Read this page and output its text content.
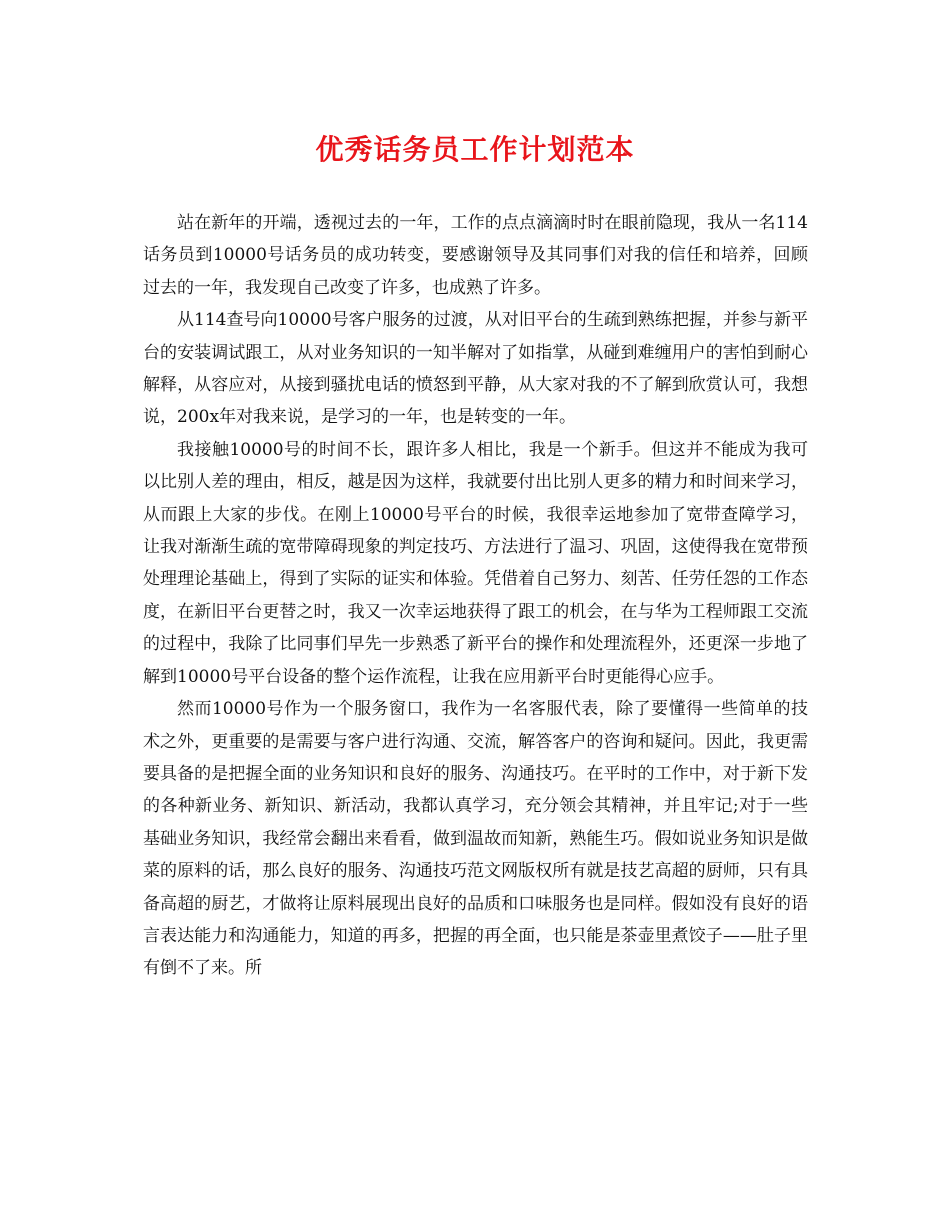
优秀话务员工作计划范本

站在新年的开端，透视过去的一年，工作的点点滴滴时时在眼前隐现，我从一名114话务员到10000号话务员的成功转变，要感谢领导及其同事们对我的信任和培养，回顾过去的一年，我发现自己改变了许多，也成熟了许多。

从114查号向10000号客户服务的过渡，从对旧平台的生疏到熟练把握，并参与新平台的安装调试跟工，从对业务知识的一知半解对了如指掌，从碰到难缠用户的害怕到耐心解释，从容应对，从接到骚扰电话的愤怒到平静，从大家对我的不了解到欣赏认可，我想说，200x年对我来说，是学习的一年，也是转变的一年。

我接触10000号的时间不长，跟许多人相比，我是一个新手。但这并不能成为我可以比别人差的理由，相反，越是因为这样，我就要付出比别人更多的精力和时间来学习，从而跟上大家的步伐。在刚上10000号平台的时候，我很幸运地参加了宽带查障学习，让我对渐渐生疏的宽带障碍现象的判定技巧、方法进行了温习、巩固，这使得我在宽带预处理理论基础上，得到了实际的证实和体验。凭借着自己努力、刻苦、任劳任怨的工作态度，在新旧平台更替之时，我又一次幸运地获得了跟工的机会，在与华为工程师跟工交流的过程中，我除了比同事们早先一步熟悉了新平台的操作和处理流程外，还更深一步地了解到10000号平台设备的整个运作流程，让我在应用新平台时更能得心应手。

然而10000号作为一个服务窗口，我作为一名客服代表，除了要懂得一些简单的技术之外，更重要的是需要与客户进行沟通、交流，解答客户的咨询和疑问。因此，我更需要具备的是把握全面的业务知识和良好的服务、沟通技巧。在平时的工作中，对于新下发的各种新业务、新知识、新活动，我都认真学习，充分领会其精神，并且牢记;对于一些基础业务知识，我经常会翻出来看看，做到温故而知新，熟能生巧。假如说业务知识是做菜的原料的话，那么良好的服务、沟通技巧范文网版权所有就是技艺高超的厨师，只有具备高超的厨艺，才做将让原料展现出良好的品质和口味服务也是同样。假如没有良好的语言表达能力和沟通能力，知道的再多，把握的再全面，也只能是茶壶里煮饺子——肚子里有倒不了来。所
